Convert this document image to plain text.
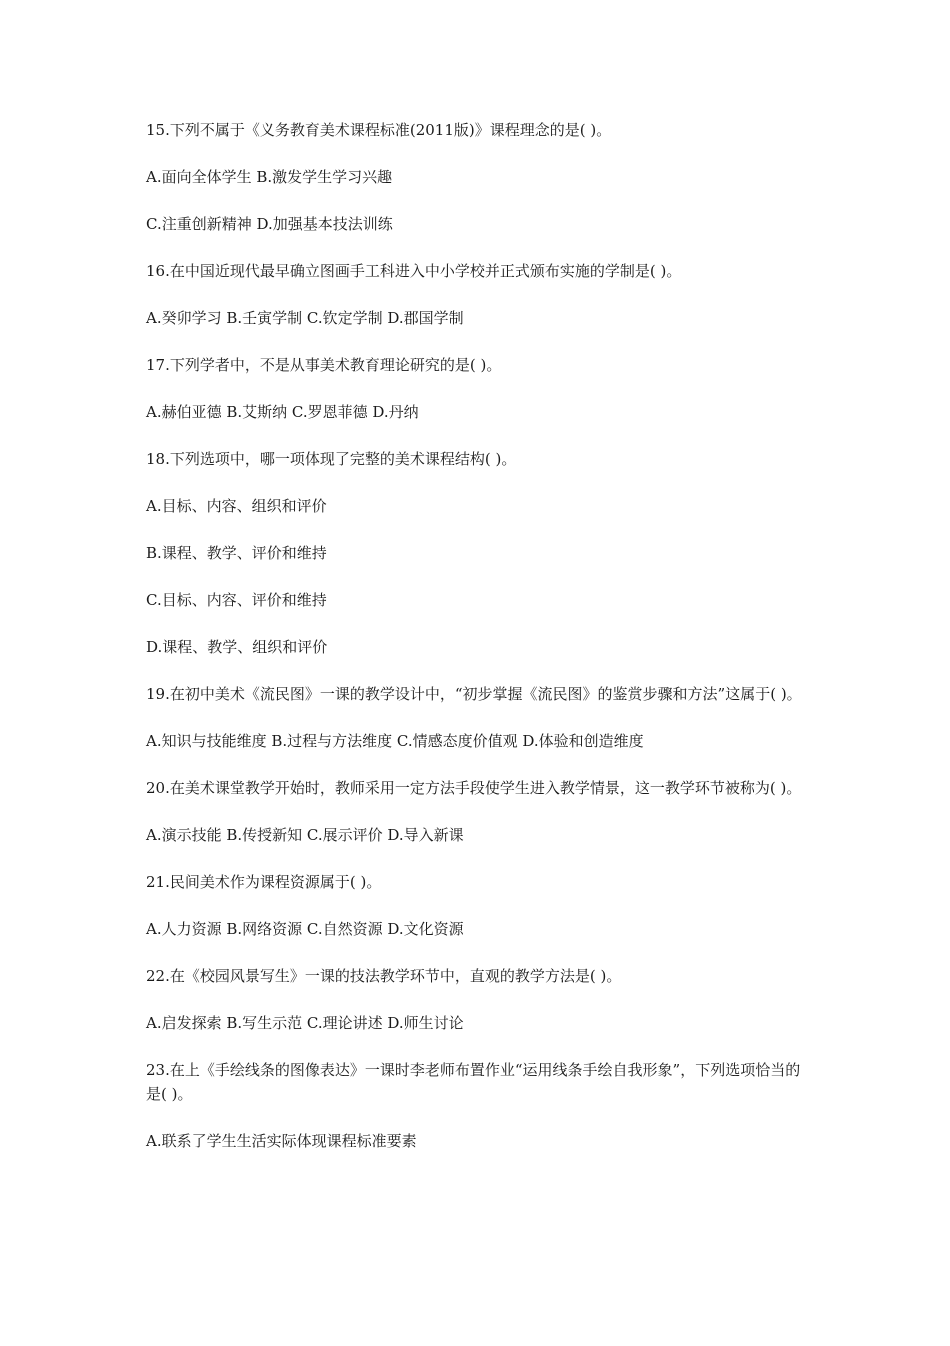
15.下列不属于《义务教育美术课程标准(2011版)》课程理念的是( )。

A.面向全体学生 B.激发学生学习兴趣

C.注重创新精神 D.加强基本技法训练

16.在中国近现代最早确立图画手工科进入中小学校并正式颁布实施的学制是( )。

A.癸卯学习 B.壬寅学制 C.钦定学制 D.郡国学制

17.下列学者中，不是从事美术教育理论研究的是( )。

A.赫伯亚德 B.艾斯纳 C.罗恩菲德 D.丹纳

18.下列选项中，哪一项体现了完整的美术课程结构( )。

A.目标、内容、组织和评价

B.课程、教学、评价和维持

C.目标、内容、评价和维持

D.课程、教学、组织和评价

19.在初中美术《流民图》一课的教学设计中，“初步掌握《流民图》的鉴赏步骤和方法”这属于( )。

A.知识与技能维度 B.过程与方法维度 C.情感态度价值观 D.体验和创造维度

20.在美术课堂教学开始时，教师采用一定方法手段使学生进入教学情景，这一教学环节被称为( )。

A.演示技能 B.传授新知 C.展示评价 D.导入新课

21.民间美术作为课程资源属于( )。

A.人力资源 B.网络资源 C.自然资源 D.文化资源

22.在《校园风景写生》一课的技法教学环节中，直观的教学方法是( )。

A.启发探索 B.写生示范 C.理论讲述 D.师生讨论

23.在上《手绘线条的图像表达》一课时李老师布置作业“运用线条手绘自我形象”，下列选项恰当的是( )。

A.联系了学生生活实际体现课程标准要素
